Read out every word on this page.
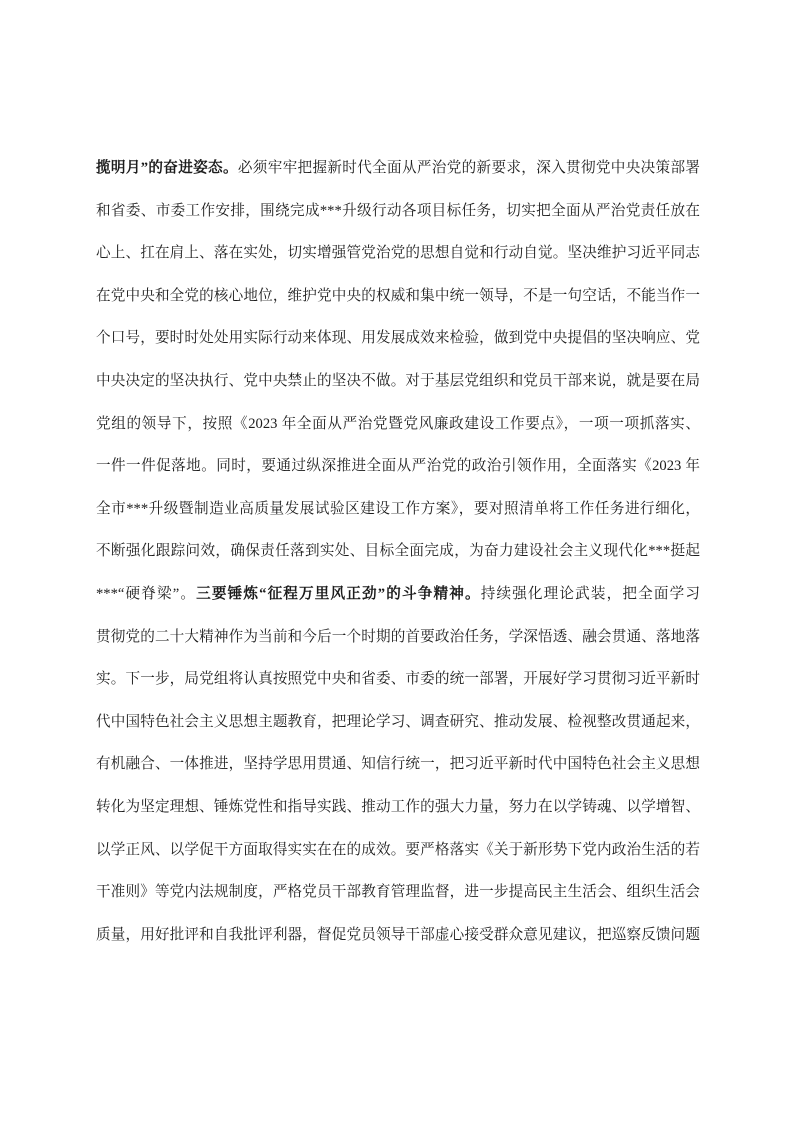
揽明月”的奋进姿态。必须牢牢把握新时代全面从严治党的新要求，深入贯彻党中央决策部署
和省委、市委工作安排，围绕完成***升级行动各项目标任务，切实把全面从严治党责任放在
心上、扛在肩上、落在实处，切实增强管党治党的思想自觉和行动自觉。坚决维护习近平同志
在党中央和全党的核心地位，维护党中央的权威和集中统一领导，不是一句空话，不能当作一
个口号，要时时处处用实际行动来体现、用发展成效来检验，做到党中央提倡的坚决响应、党
中央决定的坚决执行、党中央禁止的坚决不做。对于基层党组织和党员干部来说，就是要在局
党组的领导下，按照《2023 年全面从严治党暨党风廉政建设工作要点》，一项一项抓落实、
一件一件促落地。同时，要通过纵深推进全面从严治党的政治引领作用，全面落实《2023 年
全市***升级暨制造业高质量发展试验区建设工作方案》，要对照清单将工作任务进行细化，
不断强化跟踪问效，确保责任落到实处、目标全面完成，为奋力建设社会主义现代化***挺起
***“硬脊梁”。三要锤炼“征程万里风正劲”的斗争精神。持续强化理论武装，把全面学习
贯彻党的二十大精神作为当前和今后一个时期的首要政治任务，学深悟透、融会贯通、落地落
实。下一步，局党组将认真按照党中央和省委、市委的统一部署，开展好学习贯彻习近平新时
代中国特色社会主义思想主题教育，把理论学习、调查研究、推动发展、检视整改贯通起来，
有机融合、一体推进，坚持学思用贯通、知信行统一，把习近平新时代中国特色社会主义思想
转化为坚定理想、锤炼党性和指导实践、推动工作的强大力量，努力在以学铸魂、以学增智、
以学正风、以学促干方面取得实实在在的成效。要严格落实《关于新形势下党内政治生活的若
干准则》等党内法规制度，严格党员干部教育管理监督，进一步提高民主生活会、组织生活会
质量，用好批评和自我批评利器，督促党员领导干部虚心接受群众意见建议，把巡察反馈问题
